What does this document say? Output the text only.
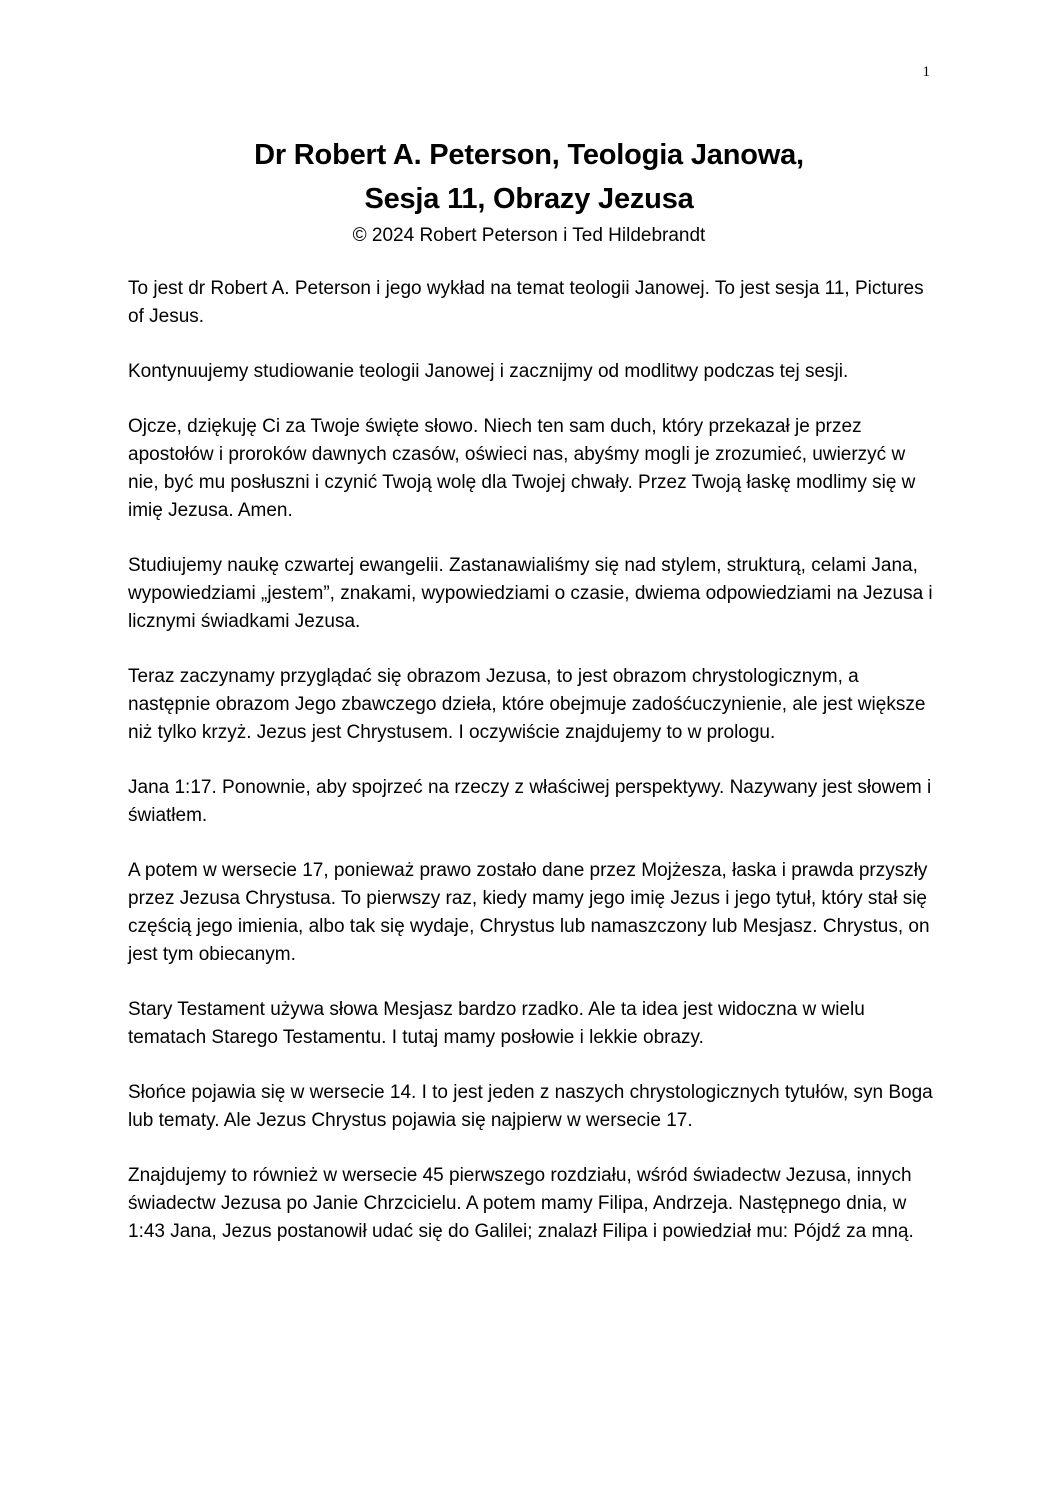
1
Dr Robert A. Peterson, Teologia Janowa,
Sesja 11, Obrazy Jezusa

© 2024 Robert Peterson i Ted Hildebrandt

To jest dr Robert A. Peterson i jego wykład na temat teologii Janowej. To jest sesja 11, Pictures of Jesus.

Kontynuujemy studiowanie teologii Janowej i zacznijmy od modlitwy podczas tej sesji.

Ojcze, dziękuję Ci za Twoje święte słowo. Niech ten sam duch, który przekazał je przez apostołów i proroków dawnych czasów, oświeci nas, abyśmy mogli je zrozumieć, uwierzyć w nie, być mu posłuszni i czynić Twoją wolę dla Twojej chwały. Przez Twoją łaskę modlimy się w imię Jezusa. Amen.

Studiujemy naukę czwartej ewangelii. Zastanawialiśmy się nad stylem, strukturą, celami Jana, wypowiedziami „jestem”, znakami, wypowiedziami o czasie, dwiema odpowiedziami na Jezusa i licznymi świadkami Jezusa.

Teraz zaczynamy przyglądać się obrazom Jezusa, to jest obrazom chrystologicznym, a następnie obrazom Jego zbawczego dzieła, które obejmuje zadośćuczynienie, ale jest większe niż tylko krzyż. Jezus jest Chrystusem. I oczywiście znajdujemy to w prologu.

Jana 1:17. Ponownie, aby spojrzeć na rzeczy z właściwej perspektywy. Nazywany jest słowem i światłem.

A potem w wersecie 17, ponieważ prawo zostało dane przez Mojżesza, łaska i prawda przyszły przez Jezusa Chrystusa. To pierwszy raz, kiedy mamy jego imię Jezus i jego tytuł, który stał się częścią jego imienia, albo tak się wydaje, Chrystus lub namaszczony lub Mesjasz. Chrystus, on jest tym obiecanym.

Stary Testament używa słowa Mesjasz bardzo rzadko. Ale ta idea jest widoczna w wielu tematach Starego Testamentu. I tutaj mamy posłowie i lekkie obrazy.

Słońce pojawia się w wersecie 14. I to jest jeden z naszych chrystologicznych tytułów, syn Boga lub tematy. Ale Jezus Chrystus pojawia się najpierw w wersecie 17.

Znajdujemy to również w wersecie 45 pierwszego rozdziału, wśród świadectw Jezusa, innych świadectw Jezusa po Janie Chrzcicielu. A potem mamy Filipa, Andrzeja. Następnego dnia, w 1:43 Jana, Jezus postanowił udać się do Galilei; znalazł Filipa i powiedział mu: Pójdź za mną.
